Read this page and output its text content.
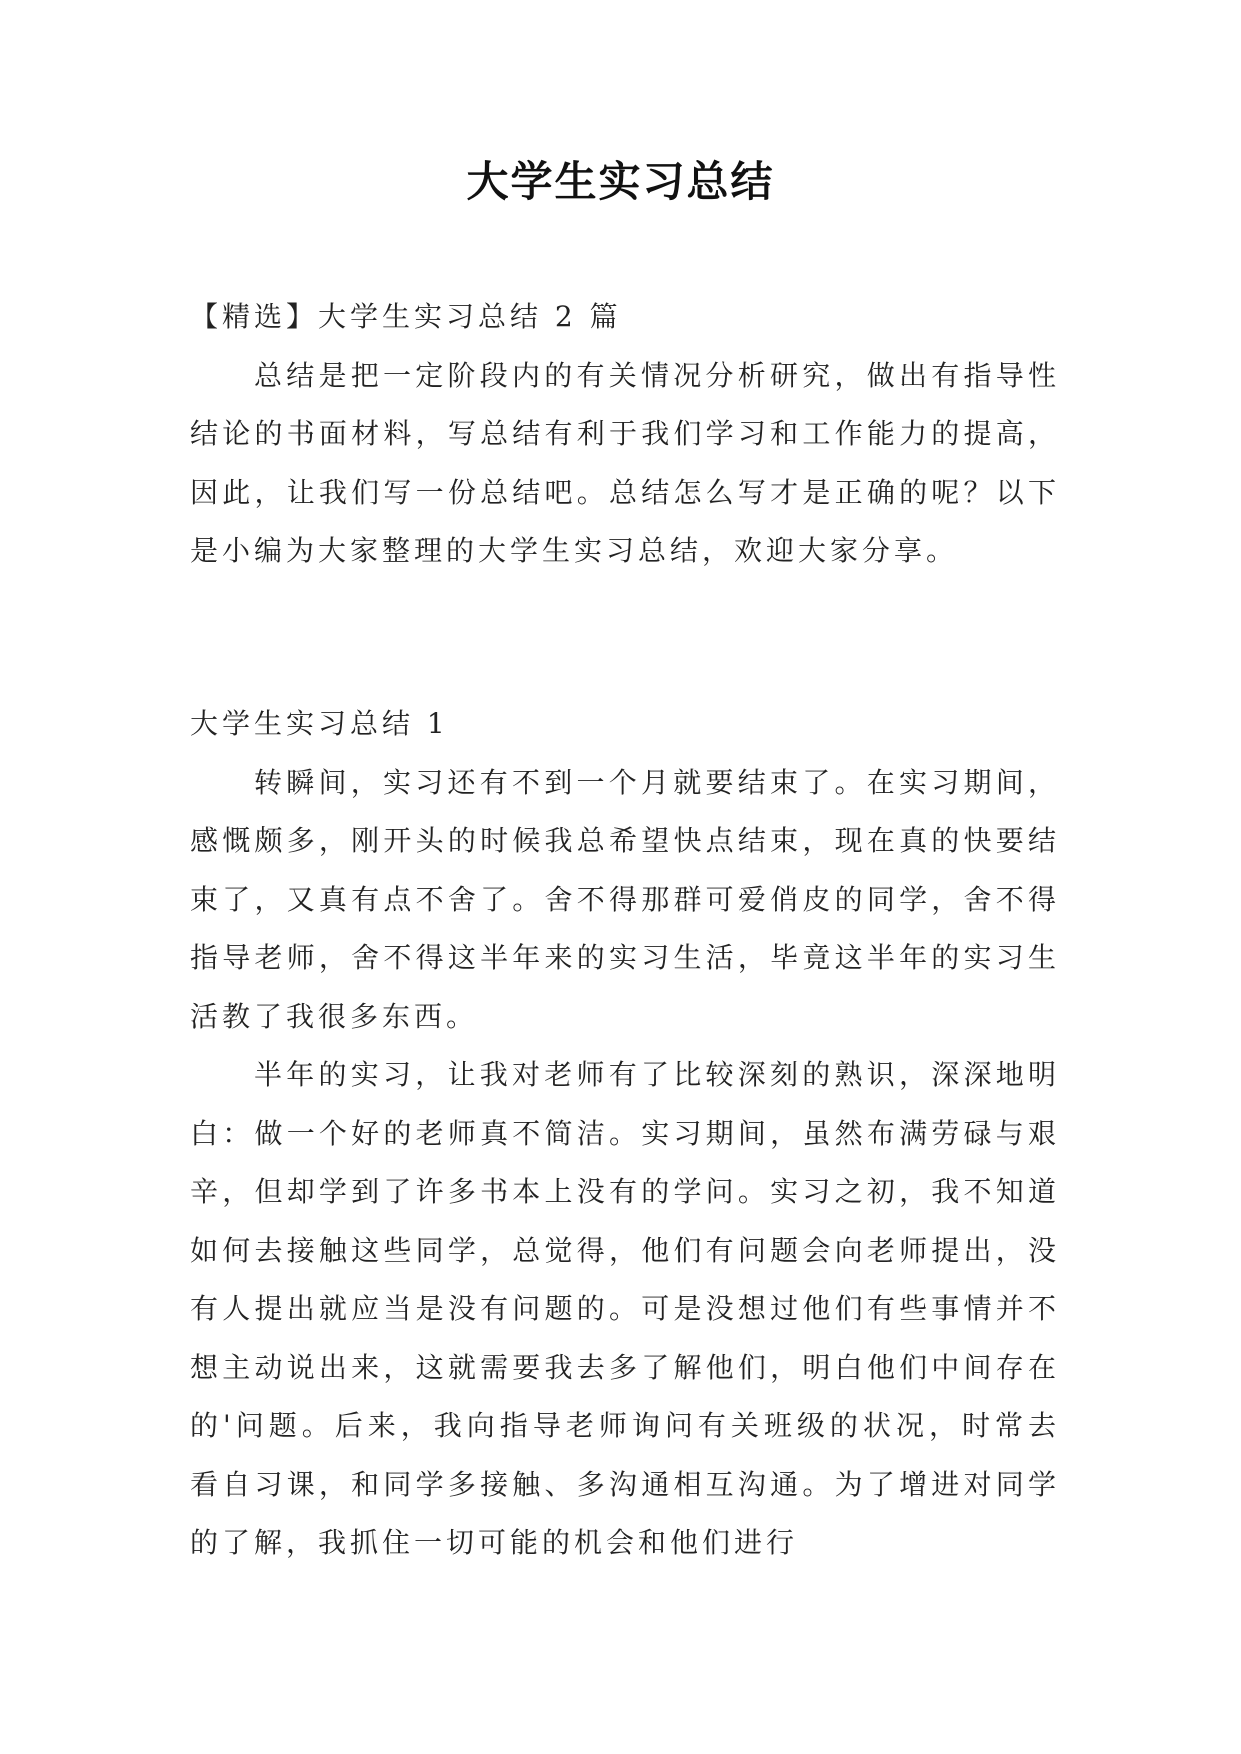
大学生实习总结

【精选】大学生实习总结 2 篇

总结是把一定阶段内的有关情况分析研究，做出有指导性结论的书面材料，写总结有利于我们学习和工作能力的提高，因此，让我们写一份总结吧。总结怎么写才是正确的呢？以下是小编为大家整理的大学生实习总结，欢迎大家分享。

大学生实习总结 1

转瞬间，实习还有不到一个月就要结束了。在实习期间，感慨颇多，刚开头的时候我总希望快点结束，现在真的快要结束了，又真有点不舍了。舍不得那群可爱俏皮的同学，舍不得指导老师，舍不得这半年来的实习生活，毕竟这半年的实习生活教了我很多东西。

半年的实习，让我对老师有了比较深刻的熟识，深深地明白：做一个好的老师真不简洁。实习期间，虽然布满劳碌与艰辛，但却学到了许多书本上没有的学问。实习之初，我不知道如何去接触这些同学，总觉得，他们有问题会向老师提出，没有人提出就应当是没有问题的。可是没想过他们有些事情并不想主动说出来，这就需要我去多了解他们，明白他们中间存在的'问题。后来，我向指导老师询问有关班级的状况，时常去看自习课，和同学多接触、多沟通相互沟通。为了增进对同学的了解，我抓住一切可能的机会和他们进行
